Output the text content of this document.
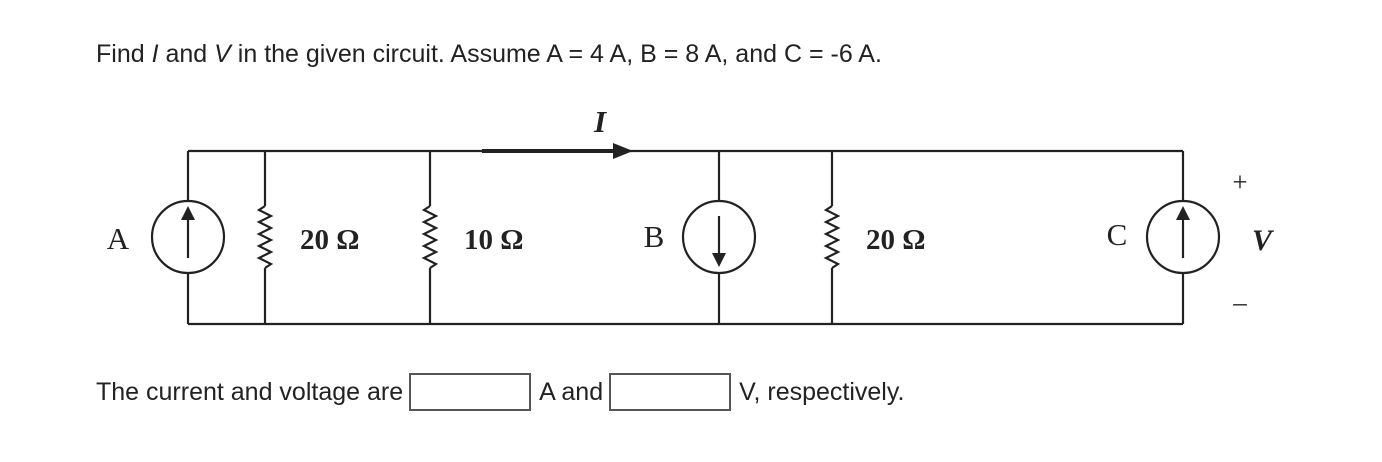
Find I and V in the given circuit. Assume A = 4 A, B = 8 A, and C = -6 A.
I
A	20 Ω	10 Ω	B	20 Ω	C
+
V
–
The current and voltage are	A and	V, respectively.
